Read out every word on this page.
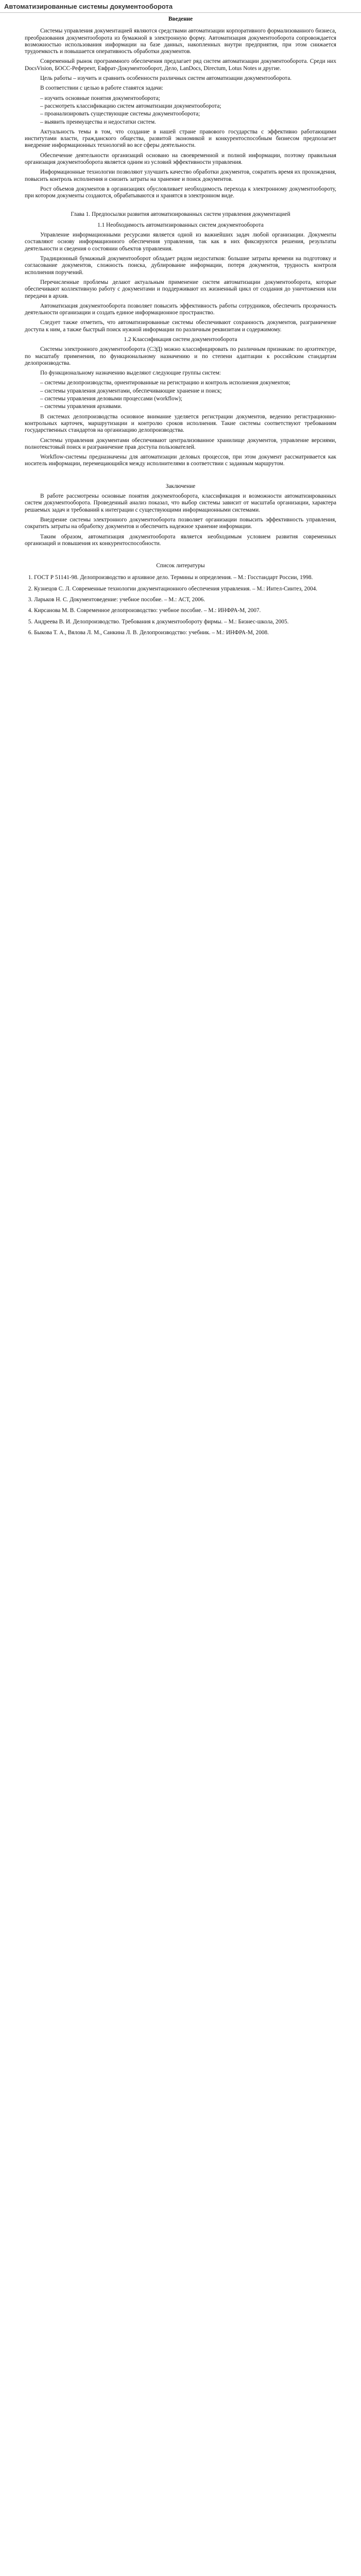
Автоматизированные системы документооборота
Введение

Системы управления документацией являются средствами автоматизации корпоративного формализованного бизнеса, преобразования документооборота из бумажной в электронную форму. Автоматизация документооборота сопровождается возможностью использования информации на базе данных, накопленных внутри предприятия, при этом снижается трудоемкость и повышается оперативность обработки документов.

Современный рынок программного обеспечения предлагает ряд систем автоматизации документооборота. Среди них DocsVision, БОСС-Референт, Евфрат-Документооборот, Дело, LanDocs, Directum, Lotus Notes и другие.

Цель работы – изучить и сравнить особенности различных систем автоматизации документооборота.

В соответствии с целью в работе ставятся задачи:

– изучить основные понятия документооборота;
– рассмотреть классификацию систем автоматизации документооборота;
– проанализировать существующие системы документооборота;
– выявить преимущества и недостатки систем.

Актуальность темы в том, что создание в нашей стране правового государства с эффективно работающими институтами власти, гражданского общества, развитой экономикой и конкурентоспособным бизнесом предполагает внедрение информационных технологий во все сферы деятельности.

Обеспечение деятельности организаций основано на своевременной и полной информации, поэтому правильная организация документооборота является одним из условий эффективности управления.

Информационные технологии позволяют улучшить качество обработки документов, сократить время их прохождения, повысить контроль исполнения и снизить затраты на хранение и поиск документов.

Рост объемов документов в организациях обусловливает необходимость перехода к электронному документообороту, при котором документы создаются, обрабатываются и хранятся в электронном виде.

Глава 1. Предпосылки развития автоматизированных систем управления документацией
1.1 Необходимость автоматизированных систем документооборота

Управление информационными ресурсами является одной из важнейших задач любой организации. Документы составляют основу информационного обеспечения управления, так как в них фиксируются решения, результаты деятельности и сведения о состоянии объектов управления.

Традиционный бумажный документооборот обладает рядом недостатков: большие затраты времени на подготовку и согласование документов, сложность поиска, дублирование информации, потеря документов, трудность контроля исполнения поручений.

Перечисленные проблемы делают актуальным применение систем автоматизации документооборота, которые обеспечивают коллективную работу с документами и поддерживают их жизненный цикл от создания до уничтожения или передачи в архив.

Автоматизация документооборота позволяет повысить эффективность работы сотрудников, обеспечить прозрачность деятельности организации и создать единое информационное пространство.

Следует также отметить, что автоматизированные системы обеспечивают сохранность документов, разграничение доступа к ним, а также быстрый поиск нужной информации по различным реквизитам и содержимому.

1.2 Классификация систем документооборота

Системы электронного документооборота (СЭД) можно классифицировать по различным признакам: по архитектуре, по масштабу применения, по функциональному назначению и по степени адаптации к российским стандартам делопроизводства.

По функциональному назначению выделяют следующие группы систем:

– системы делопроизводства, ориентированные на регистрацию и контроль исполнения документов;
– системы управления документами, обеспечивающие хранение и поиск;
– системы управления деловыми процессами (workflow);
– системы управления архивами.

В системах делопроизводства основное внимание уделяется регистрации документов, ведению регистрационно-контрольных карточек, маршрутизации и контролю сроков исполнения. Такие системы соответствуют требованиям государственных стандартов на организацию делопроизводства.

Системы управления документами обеспечивают централизованное хранилище документов, управление версиями, полнотекстовый поиск и разграничение прав доступа пользователей.

Workflow-системы предназначены для автоматизации деловых процессов, при этом документ рассматривается как носитель информации, перемещающийся между исполнителями в соответствии с заданным маршрутом.

Заключение

В работе рассмотрены основные понятия документооборота, классификация и возможности автоматизированных систем документооборота. Проведенный анализ показал, что выбор системы зависит от масштаба организации, характера решаемых задач и требований к интеграции с существующими информационными системами.

Внедрение системы электронного документооборота позволяет организации повысить эффективность управления, сократить затраты на обработку документов и обеспечить надежное хранение информации.

Таким образом, автоматизация документооборота является необходимым условием развития современных организаций и повышения их конкурентоспособности.

Список литературы
1. ГОСТ Р 51141-98. Делопроизводство и архивное дело. Термины и определения. – М.: Госстандарт России, 1998.
2. Кузнецов С. Л. Современные технологии документационного обеспечения управления. – М.: Интел-Синтез, 2004.
3. Ларьков Н. С. Документоведение: учебное пособие. – М.: АСТ, 2006.
4. Кирсанова М. В. Современное делопроизводство: учебное пособие. – М.: ИНФРА-М, 2007.
5. Андреева В. И. Делопроизводство. Требования к документообороту фирмы. – М.: Бизнес-школа, 2005.
6. Быкова Т. А., Вялова Л. М., Санкина Л. В. Делопроизводство: учебник. – М.: ИНФРА-М, 2008.
